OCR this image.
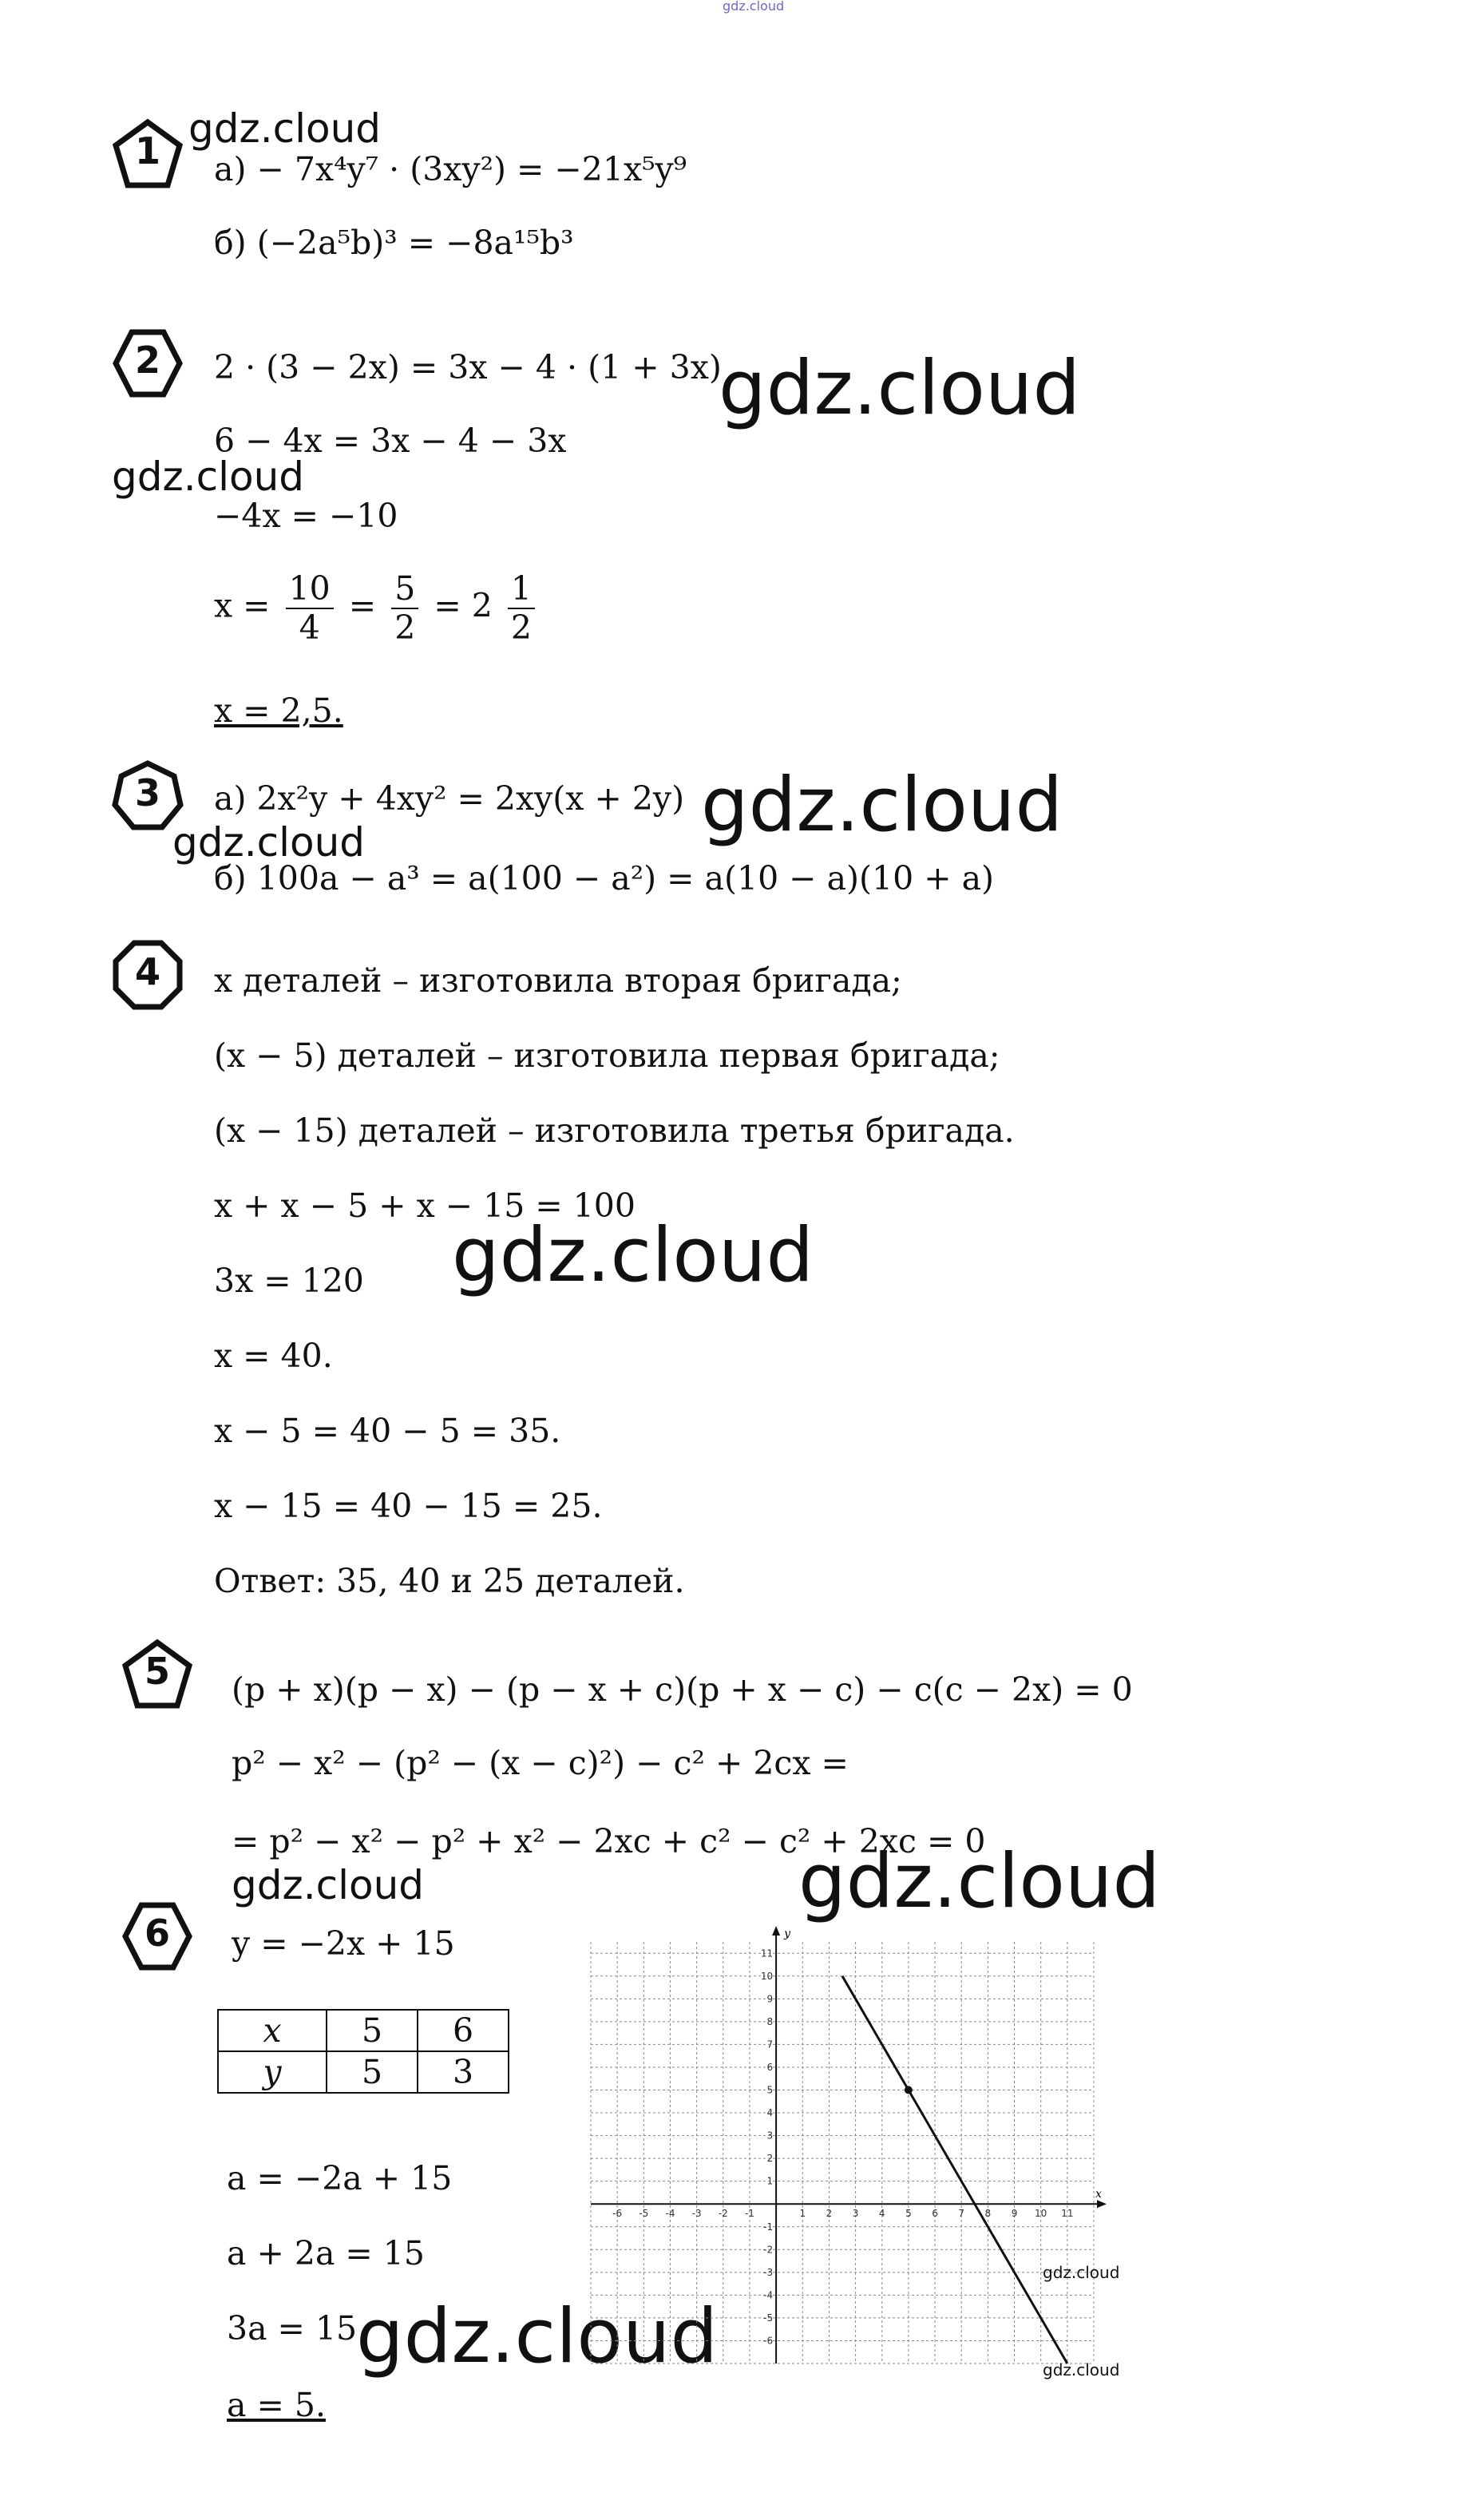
gdz.cloud
1 gdz.cloud
а) − 7x⁴y⁷ · (3xy²) = −21x⁵y⁹
б) (−2a⁵b)³ = −8a¹⁵b³
2	2 · (3 − 2x) = 3x − 4 · (1 + 3x)
gdz.cloud
6 − 4x = 3x − 4 − 3x
gdz.cloud
−4x = −10
$x = \frac{10}{4} = \frac{5}{2} = 2 \frac{1}{2}$
x = 2,5.
3	а) 2x²y + 4xy² = 2xy(x + 2y) gdz.cloud
gdz.cloud
б) 100a − a³ = a(100 − a²) = a(10 − a)(10 + a)
4	x деталей – изготовила вторая бригада;
(x − 5) деталей – изготовила первая бригада;
(x − 15) деталей – изготовила третья бригада.
x + x − 5 + x − 15 = 100
3x = 120 gdz.cloud
x = 40.
x − 5 = 40 − 5 = 35.
x − 15 = 40 − 15 = 25.
Ответ: 35, 40 и 25 деталей.
5	(p + x)(p − x) − (p − x + c)(p + x − c) − c(c − 2x) = 0
p² − x² − (p² − (x − c)²) − c² + 2cx =
= p² − x² − p² + x² − 2xc + c² − c² + 2xc = 0
gdz.cloud	gdz.cloud
6	y = −2x + 15
x	5	6
y	5	3
a = −2a + 15
a + 2a = 15
3a = 15
gdz.cloud
a = 5.
x
y
-6 -5 -4 -3 -2 -1	1 2 3 4 5 6 7 8 9 10 11
11
10
9
8
7
6
5
4
3
2
1
-1
-2
-3
-4
-5
-6
gdz.cloud
gdz.cloud
